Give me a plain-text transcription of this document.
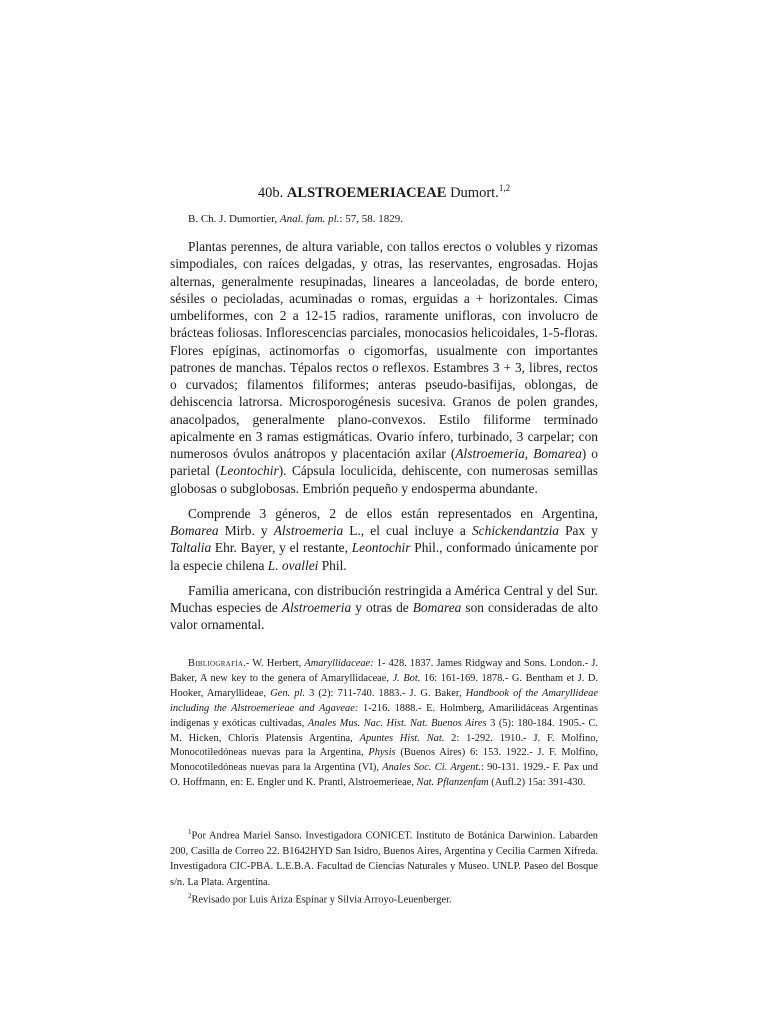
40b. ALSTROEMERIACEAE Dumort.$^{1,2}$
B. Ch. J. Dumortier, Anal. fam. pl.: 57, 58. 1829.

Plantas perennes, de altura variable, con tallos erectos o volubles y rizomas simpodiales, con raíces delgadas, y otras, las reservantes, engrosadas. Hojas alternas, generalmente resupinadas, lineares a lanceoladas, de borde entero, sésiles o pecioladas, acuminadas o romas, erguidas a + horizontales. Cimas umbeliformes, con 2 a 12-15 radios, raramente unifloras, con involucro de brácteas foliosas. Inflorescencias parciales, monocasios helicoidales, 1-5-floras. Flores epíginas, actinomorfas o cigomorfas, usualmente con importantes patrones de manchas. Tépalos rectos o reflexos. Estambres 3 + 3, libres, rectos o curvados; filamentos filiformes; anteras pseudo-basifijas, oblongas, de dehiscencia latrorsa. Microsporogénesis sucesiva. Granos de polen grandes, anacolpados, generalmente plano-convexos. Estilo filiforme terminado apicalmente en 3 ramas estigmáticas. Ovario ínfero, turbinado, 3 carpelar; con numerosos óvulos anátropos y placentación axilar (Alstroemeria, Bomarea) o parietal (Leontochir). Cápsula loculicida, dehiscente, con numerosas semillas globosas o subglobosas. Embrión pequeño y endosperma abundante.

Comprende 3 géneros, 2 de ellos están representados en Argentina, Bomarea Mirb. y Alstroemeria L., el cual incluye a Schickendantzia Pax y Taltalia Ehr. Bayer, y el restante, Leontochir Phil., conformado únicamente por la especie chilena L. ovallei Phil.

Familia americana, con distribución restringida a América Central y del Sur. Muchas especies de Alstroemeria y otras de Bomarea son consideradas de alto valor ornamental.

Bibliografía.- W. Herbert, Amaryllidaceae: 1- 428. 1837. James Ridgway and Sons. London.- J. Baker, A new key to the genera of Amaryllidaceae, J. Bot. 16: 161-169. 1878.- G. Bentham et J. D. Hooker, Amaryllideae, Gen. pl. 3 (2): 711-740. 1883.- J. G. Baker, Handbook of the Amaryllideae including the Alstroemerieae and Agaveae: 1-216. 1888.- E. Holmberg, Amarilidáceas Argentinas indígenas y exóticas cultivadas, Anales Mus. Nac. Hist. Nat. Buenos Aires 3 (5): 180-184. 1905.- C. M. Hicken, Chloris Platensis Argentina, Apuntes Hist. Nat. 2: 1-292. 1910.- J. F. Molfino, Monocotiledóneas nuevas para la Argentina, Physis (Buenos Aires) 6: 153. 1922.- J. F. Molfino, Monocotiledóneas nuevas para la Argentina (VI), Anales Soc. Ci. Argent.: 90-131. 1929.- F. Pax und O. Hoffmann, en: E. Engler und K. Prantl, Alstroemerieae, Nat. Pflanzenfam (Aufl.2) 15a: 391-430.
$^1$Por Andrea Mariel Sanso. Investigadora CONICET. Instituto de Botánica Darwinion. Labarden 200, Casilla de Correo 22. B1642HYD San Isidro, Buenos Aires, Argentina y Cecilia Carmen Xifreda. Investigadora CIC-PBA. L.E.B.A. Facultad de Ciencias Naturales y Museo. UNLP. Paseo del Bosque s/n. La Plata. Argentina.
$^2$Revisado por Luis Ariza Espinar y Silvia Arroyo-Leuenberger.
